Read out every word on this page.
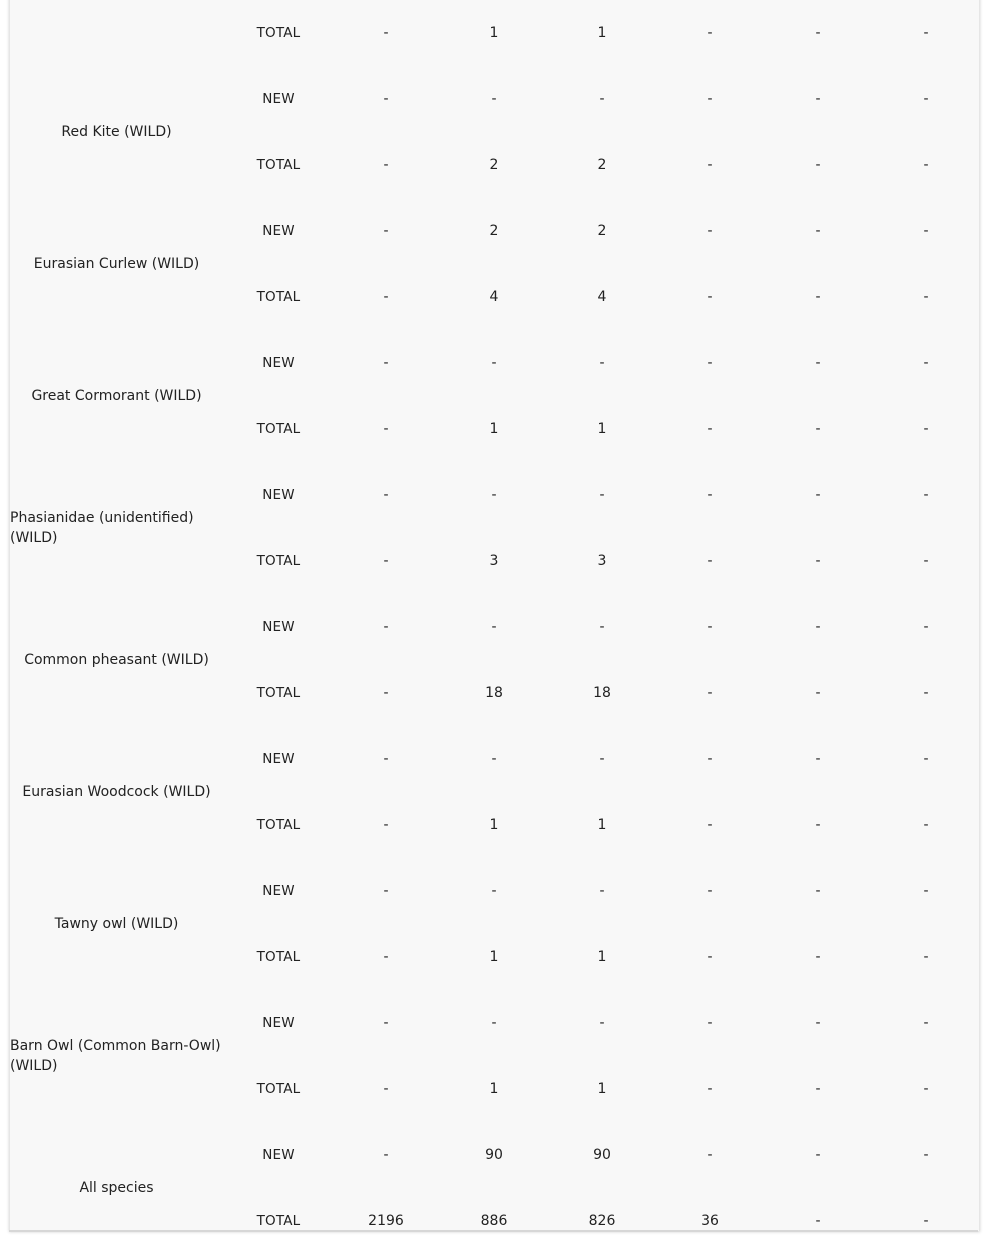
	TOTAL	-	1	1	-	-	-
Red Kite (WILD)	NEW	-	-	-	-	-	-
	TOTAL	-	2	2	-	-	-
Eurasian Curlew (WILD)	NEW	-	2	2	-	-	-
	TOTAL	-	4	4	-	-	-
Great Cormorant (WILD)	NEW	-	-	-	-	-	-
	TOTAL	-	1	1	-	-	-
Phasianidae (unidentified) (WILD)	NEW	-	-	-	-	-	-
	TOTAL	-	3	3	-	-	-
Common pheasant (WILD)	NEW	-	-	-	-	-	-
	TOTAL	-	18	18	-	-	-
Eurasian Woodcock (WILD)	NEW	-	-	-	-	-	-
	TOTAL	-	1	1	-	-	-
Tawny owl (WILD)	NEW	-	-	-	-	-	-
	TOTAL	-	1	1	-	-	-
Barn Owl (Common Barn-Owl) (WILD)	NEW	-	-	-	-	-	-
	TOTAL	-	1	1	-	-	-
All species	NEW	-	90	90	-	-	-
	TOTAL	2196	886	826	36	-	-
